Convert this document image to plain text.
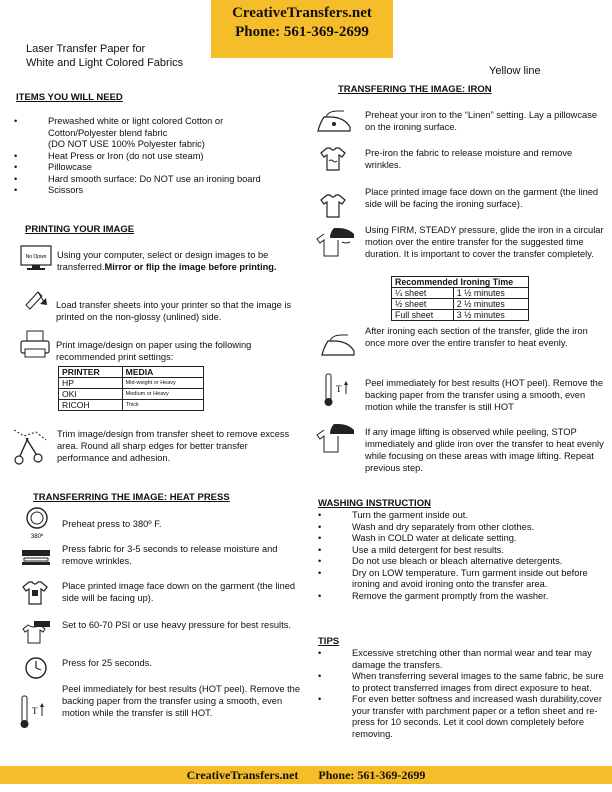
CreativeTransfers.net
Phone: 561-369-2699
Laser Transfer Paper for
White and Light Colored Fabrics
Yellow line
ITEMS YOU WILL NEED
•	Prewashed white or light colored Cotton or
Cotton/Polyester blend fabric
(DO NOT USE 100% Polyester fabric)
•	Heat Press or Iron (do not use steam)
•	Pillowcase
•	Hard smooth surface: Do NOT use an ironing board
•	Scissors
PRINTING YOUR IMAGE
No Opwn Using your computer, select or design images to be transferred.Mirror or flip the image before printing.
Load transfer sheets into your printer so that the image is printed on the non-glossy (unlined) side.
Print image/design on paper using the following recommended print settings:
PRINTER	MEDIA
HP	Mid-weight or Heavy
OKI	Medium or Heavy
RICOH	Thick
Trim image/design from transfer sheet to remove excess area. Round all sharp edges for better transfer performance and adhesion.
TRANSFERRING THE IMAGE: HEAT PRESS
380º
Preheat press to 380º F.
Press fabric for 3-5 seconds to release moisture and remove wrinkles.
Place printed image face down on the garment (the lined side will be facing up).
Set to 60-70 PSI or use heavy pressure for best results.
Press for 25 seconds.
T
Peel immediately for best results (HOT peel). Remove the backing paper from the transfer using a smooth, even motion while the transfer is still HOT.
TRANSFERING THE IMAGE: IRON
Preheat your iron to the “Linen” setting. Lay a pillowcase on the ironing surface.
Pre-iron the fabric to release moisture and remove wrinkles.
Place printed image face down on the garment (the lined side will be facing the ironing surface).
Using FIRM, STEADY pressure, glide the iron in a circular motion over the entire transfer for the suggested time duration. It is important to cover the transfer completely.
Recommended Ironing Time	
¼ sheet	1 ½ minutes
½ sheet	2 ½ minutes
Full sheet	3 ½ minutes
After ironing each section of the transfer, glide the iron once more over the entire transfer to heat evenly.
T
Peel immediately for best results (HOT peel). Remove the backing paper from the transfer using a smooth, even motion while the transfer is still HOT
If any image lifting is observed while peeling, STOP immediately and glide iron over the transfer to heat evenly while focusing on these areas with image lifting. Repeat previous step.
WASHING INSTRUCTION
• Turn the garment inside out.
• Wash and dry separately from other clothes.
• Wash in COLD water at delicate setting.
• Use a mild detergent for best results.
• Do not use bleach or bleach alternative detergents.
• Dry on LOW temperature. Turn garment inside out before ironing and avoid ironing onto the transfer area.
• Remove the garment promptly from the washer.
TIPS
• Excessive stretching other than normal wear and tear may damage the transfers.
• When transferring several images to the same fabric, be sure to protect transferred images from direct exposure to heat.
• For even better softness and increased wash durability,cover your transfer with parchment paper or a teflon sheet and re-press for 10 seconds. Let it cool down completely before removing.
CreativeTransfers.net Phone: 561-369-2699
